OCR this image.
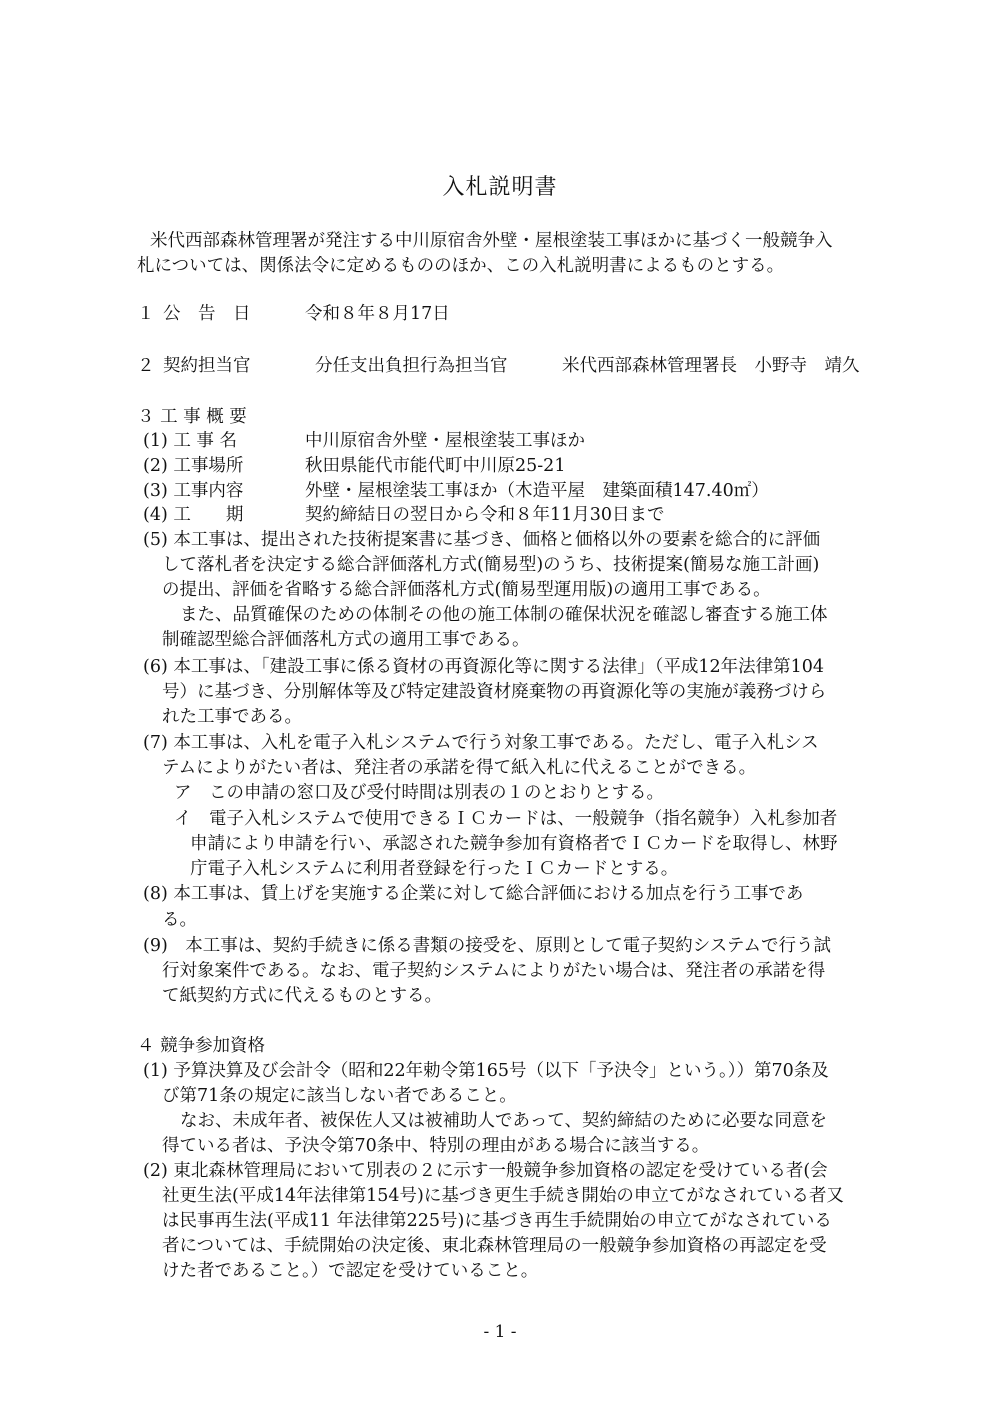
入札説明書
米代西部森林管理署が発注する中川原宿舎外壁・屋根塗装工事ほかに基づく一般競争入
札については、関係法令に定めるもののほか、この入札説明書によるものとする。
１ 公　告　日	令和８年８月17日
２ 契約担当官	分任支出負担行為担当官	米代西部森林管理署長　小野寺　靖久
３ 工 事 概 要
(1) 工 事 名	中川原宿舎外壁・屋根塗装工事ほか
(2) 工事場所	秋田県能代市能代町中川原25-21
(3) 工事内容	外壁・屋根塗装工事ほか（木造平屋　建築面積147.40㎡）
(4) 工　　期	契約締結日の翌日から令和８年11月30日まで
(5) 本工事は、提出された技術提案書に基づき、価格と価格以外の要素を総合的に評価
して落札者を決定する総合評価落札方式(簡易型)のうち、技術提案(簡易な施工計画)
の提出、評価を省略する総合評価落札方式(簡易型運用版)の適用工事である。
また、品質確保のための体制その他の施工体制の確保状況を確認し審査する施工体
制確認型総合評価落札方式の適用工事である。
(6) 本工事は、「建設工事に係る資材の再資源化等に関する法律」（平成12年法律第104
号）に基づき、分別解体等及び特定建設資材廃棄物の再資源化等の実施が義務づけら
れた工事である。
(7) 本工事は、入札を電子入札システムで行う対象工事である。ただし、電子入札シス
テムによりがたい者は、発注者の承諾を得て紙入札に代えることができる。
ア　この申請の窓口及び受付時間は別表の１のとおりとする。
イ　電子入札システムで使用できるＩＣカードは、一般競争（指名競争）入札参加者
申請により申請を行い、承認された競争参加有資格者でＩＣカードを取得し、林野
庁電子入札システムに利用者登録を行ったＩＣカードとする。
(8) 本工事は、賃上げを実施する企業に対して総合評価における加点を行う工事であ
る。
(9)　本工事は、契約手続きに係る書類の接受を、原則として電子契約システムで行う試
行対象案件である。なお、電子契約システムによりがたい場合は、発注者の承諾を得
て紙契約方式に代えるものとする。
４ 競争参加資格
(1) 予算決算及び会計令（昭和22年勅令第165号（以下「予決令」という。））第70条及
び第71条の規定に該当しない者であること。
なお、未成年者、被保佐人又は被補助人であって、契約締結のために必要な同意を
得ている者は、予決令第70条中、特別の理由がある場合に該当する。
(2) 東北森林管理局において別表の２に示す一般競争参加資格の認定を受けている者(会
社更生法(平成14年法律第154号)に基づき更生手続き開始の申立てがなされている者又
は民事再生法(平成11 年法律第225号)に基づき再生手続開始の申立てがなされている
者については、手続開始の決定後、東北森林管理局の一般競争参加資格の再認定を受
けた者であること。）で認定を受けていること。
- 1 -
